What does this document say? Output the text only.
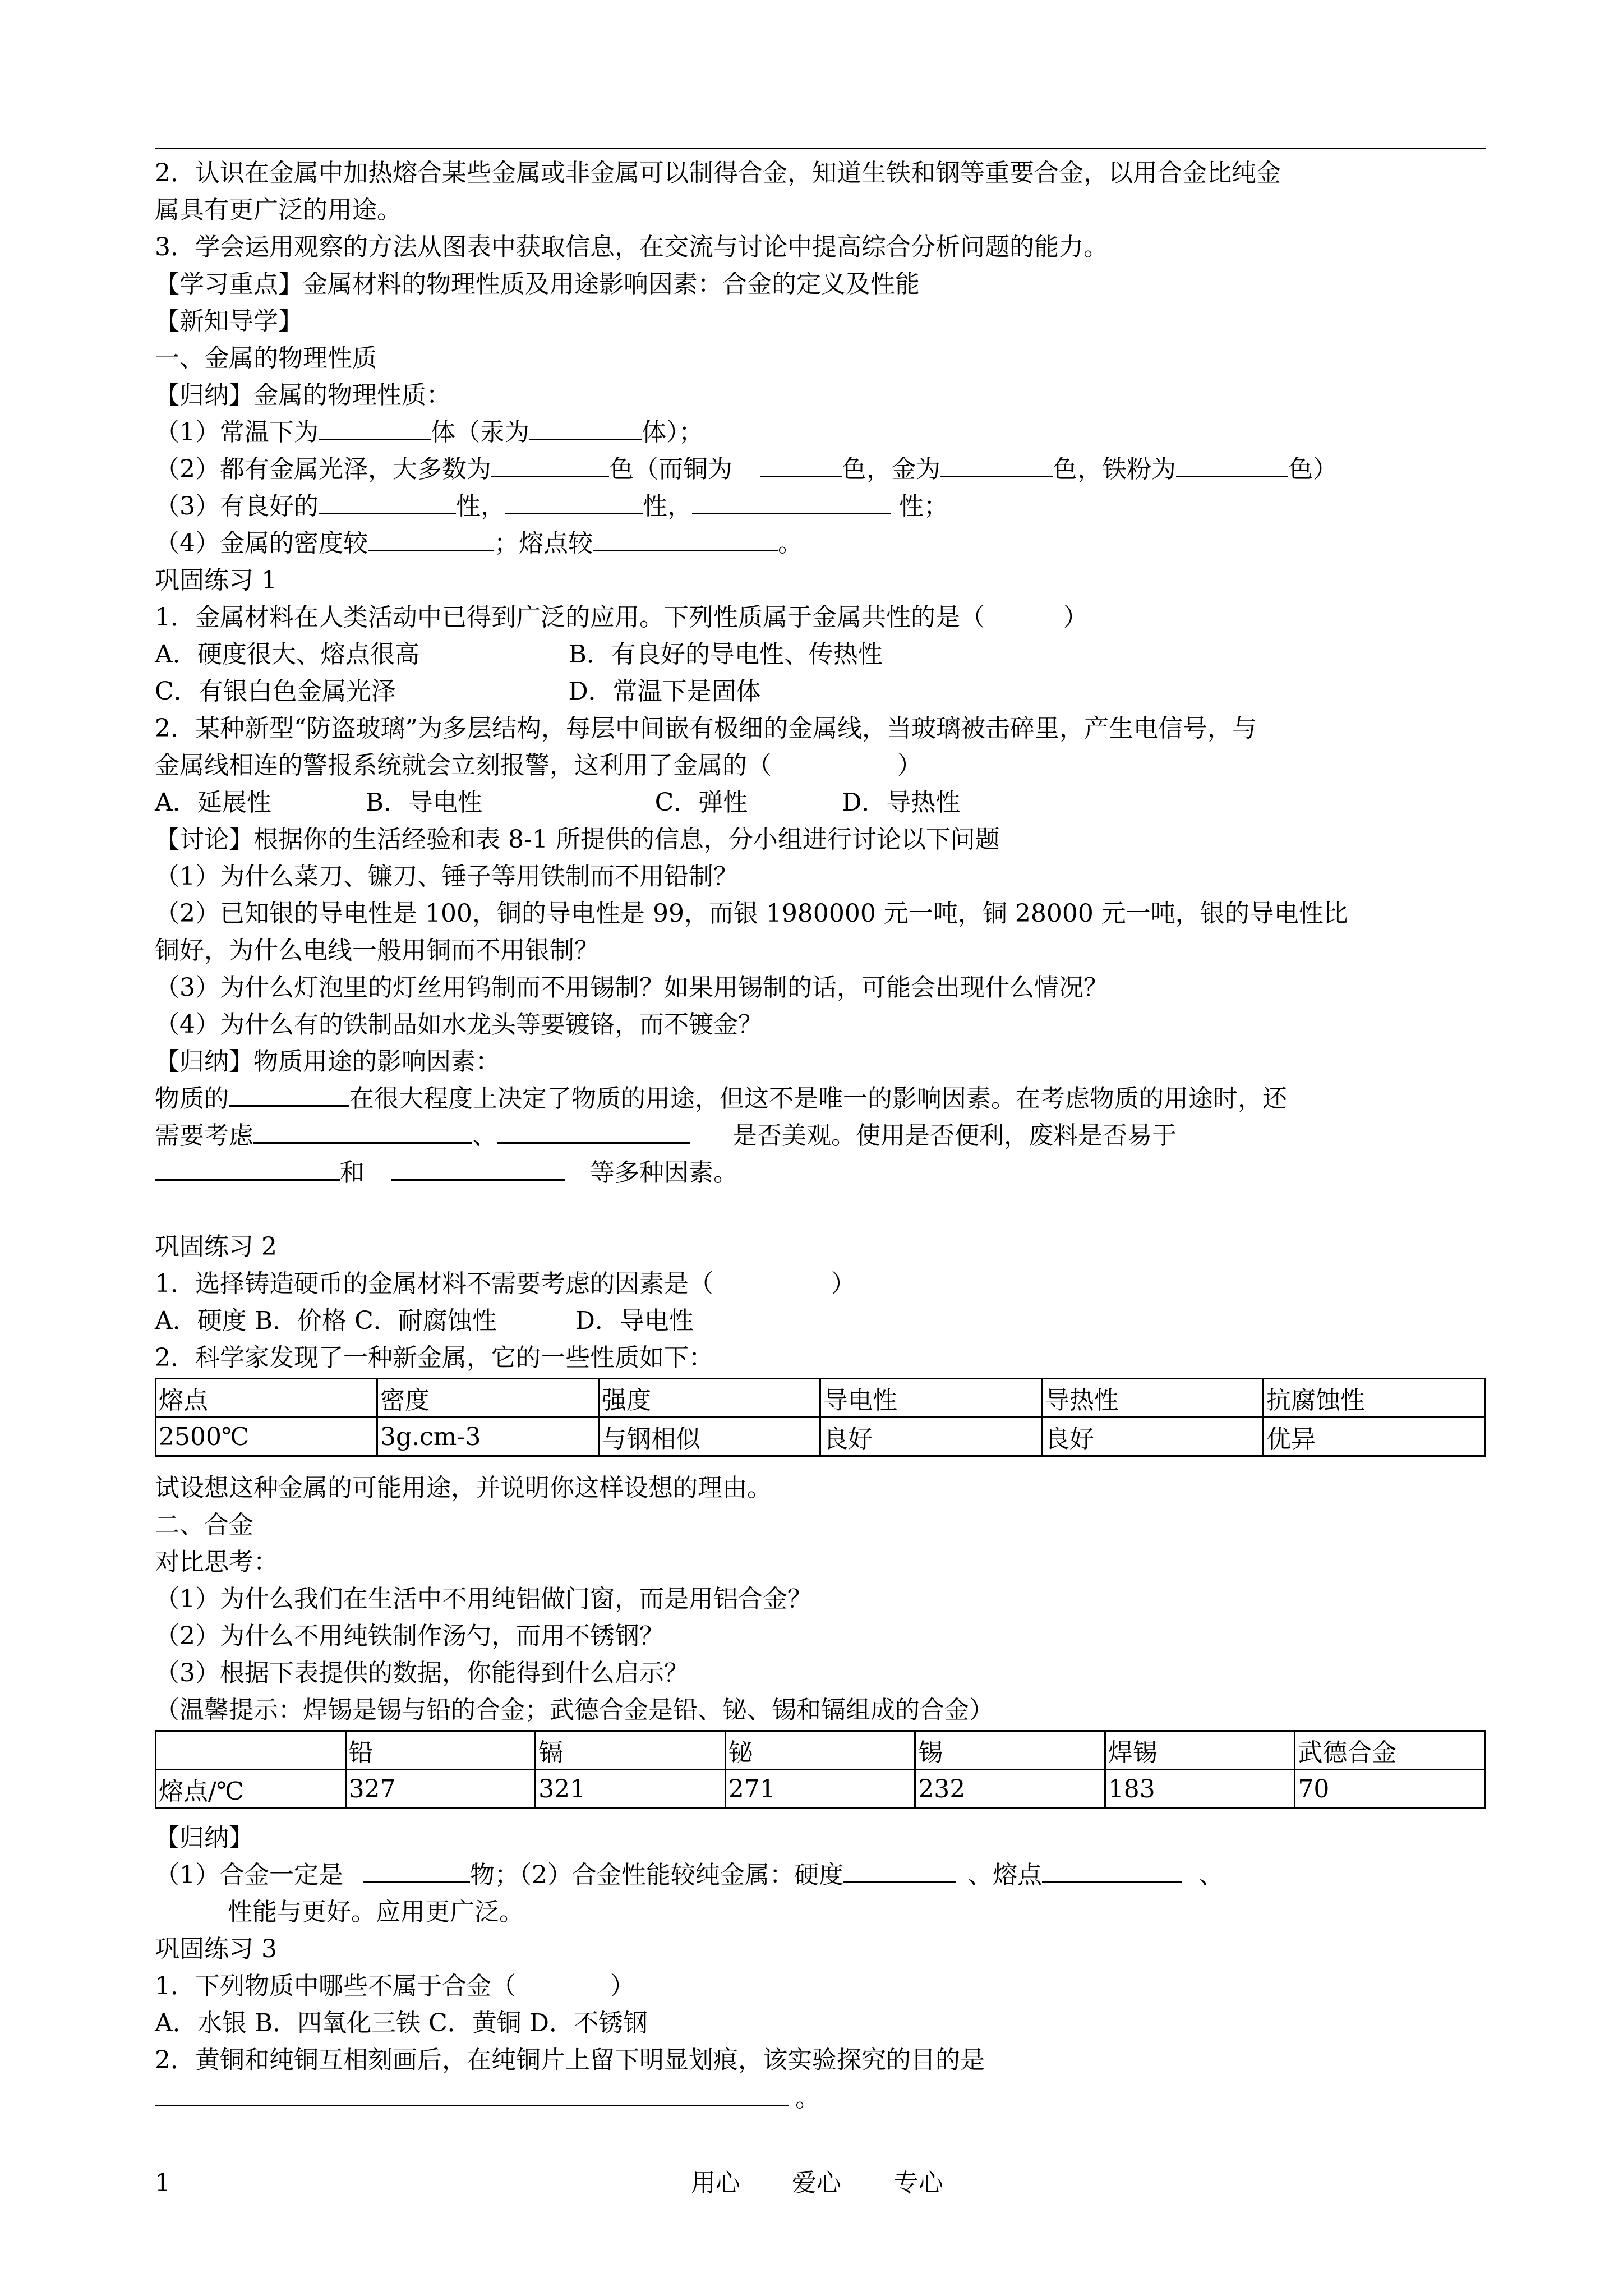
2．认识在金属中加热熔合某些金属或非金属可以制得合金，知道生铁和钢等重要合金，以用合金比纯金
属具有更广泛的用途。
3．学会运用观察的方法从图表中获取信息，在交流与讨论中提高综合分析问题的能力。
【学习重点】金属材料的物理性质及用途影响因素：合金的定义及性能
【新知导学】
一、金属的物理性质
【归纳】金属的物理性质：
（1）常温下为	体（汞为	体）；
（2）都有金属光泽，大多数为	色（而铜为	色，金为	色，铁粉为	色）
（3）有良好的	性，	性，	性；
（4）金属的密度较	；熔点较	。
巩固练习 1
1．金属材料在人类活动中已得到广泛的应用。下列性质属于金属共性的是（          ）
A．硬度很大、熔点很高                   B．有良好的导电性、传热性
C．有银白色金属光泽                      D．常温下是固体
2．某种新型“防盗玻璃”为多层结构，每层中间嵌有极细的金属线，当玻璃被击碎里，产生电信号，与
金属线相连的警报系统就会立刻报警，这利用了金属的（                ）
A．延展性            B．导电性                      C．弹性            D．导热性
【讨论】根据你的生活经验和表 8-1 所提供的信息，分小组进行讨论以下问题
（1）为什么菜刀、镰刀、锤子等用铁制而不用铅制？
（2）已知银的导电性是 100，铜的导电性是 99，而银 1980000 元一吨，铜 28000 元一吨，银的导电性比
铜好，为什么电线一般用铜而不用银制？
（3）为什么灯泡里的灯丝用钨制而不用锡制？如果用锡制的话，可能会出现什么情况？
（4）为什么有的铁制品如水龙头等要镀铬，而不镀金？
【归纳】物质用途的影响因素：
物质的	在很大程度上决定了物质的用途，但这不是唯一的影响因素。在考虑物质的用途时，还
需要考虑	、	是否美观。使用是否便利，废料是否易于
和	等多种因素。
巩固练习 2
1．选择铸造硬币的金属材料不需要考虑的因素是（               ）
A．硬度 B．价格 C．耐腐蚀性          D．导电性
2．科学家发现了一种新金属，它的一些性质如下：
熔点	密度	强度	导电性	导热性	抗腐蚀性
2500℃	3g.cm-3	与钢相似	良好	良好	优异
试设想这种金属的可能用途，并说明你这样设想的理由。
二、合金
对比思考：
（1）为什么我们在生活中不用纯铝做门窗，而是用铝合金？
（2）为什么不用纯铁制作汤勺，而用不锈钢？
（3）根据下表提供的数据，你能得到什么启示？
（温馨提示：焊锡是锡与铅的合金；武德合金是铅、铋、锡和镉组成的合金）
	铅	镉	铋	锡	焊锡	武德合金
熔点/℃	327	321	271	232	183	70
【归纳】
（1）合金一定是	物；（2）合金性能较纯金属：硬度	、熔点	、
性能与更好。应用更广泛。
巩固练习 3
1．下列物质中哪些不属于合金（            ）
A．水银 B．四氧化三铁 C．黄铜 D．不锈钢
2．黄铜和纯铜互相刻画后，在纯铜片上留下明显划痕，该实验探究的目的是
。
1	用心 爱心 专心
